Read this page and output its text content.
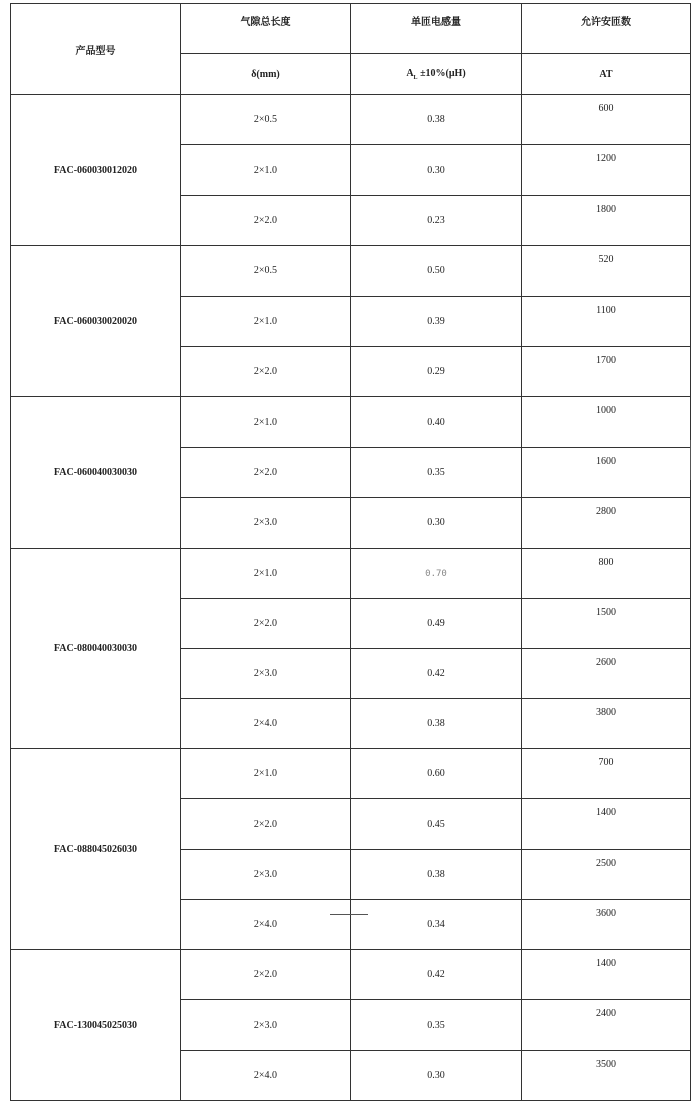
产品型号	气隙总长度	单匝电感量	允许安匝数
	δ(mm)	$A_L \pm 10\%(\mu H)$	AT
FAC-060030012020	2×0.5	0.38	600
	2×1.0	0.30	1200
	2×2.0	0.23	1800
FAC-060030020020	2×0.5	0.50	520
	2×1.0	0.39	1100
	2×2.0	0.29	1700
FAC-060040030030	2×1.0	0.40	1000
	2×2.0	0.35	1600
	2×3.0	0.30	2800
FAC-080040030030	2×1.0	0.70	800
	2×2.0	0.49	1500
	2×3.0	0.42	2600
	2×4.0	0.38	3800
FAC-088045026030	2×1.0	0.60	700
	2×2.0	0.45	1400
	2×3.0	0.38	2500
	2×4.0	0.34	3600
FAC-130045025030	2×2.0	0.42	1400
	2×3.0	0.35	2400
	2×4.0	0.30	3500
